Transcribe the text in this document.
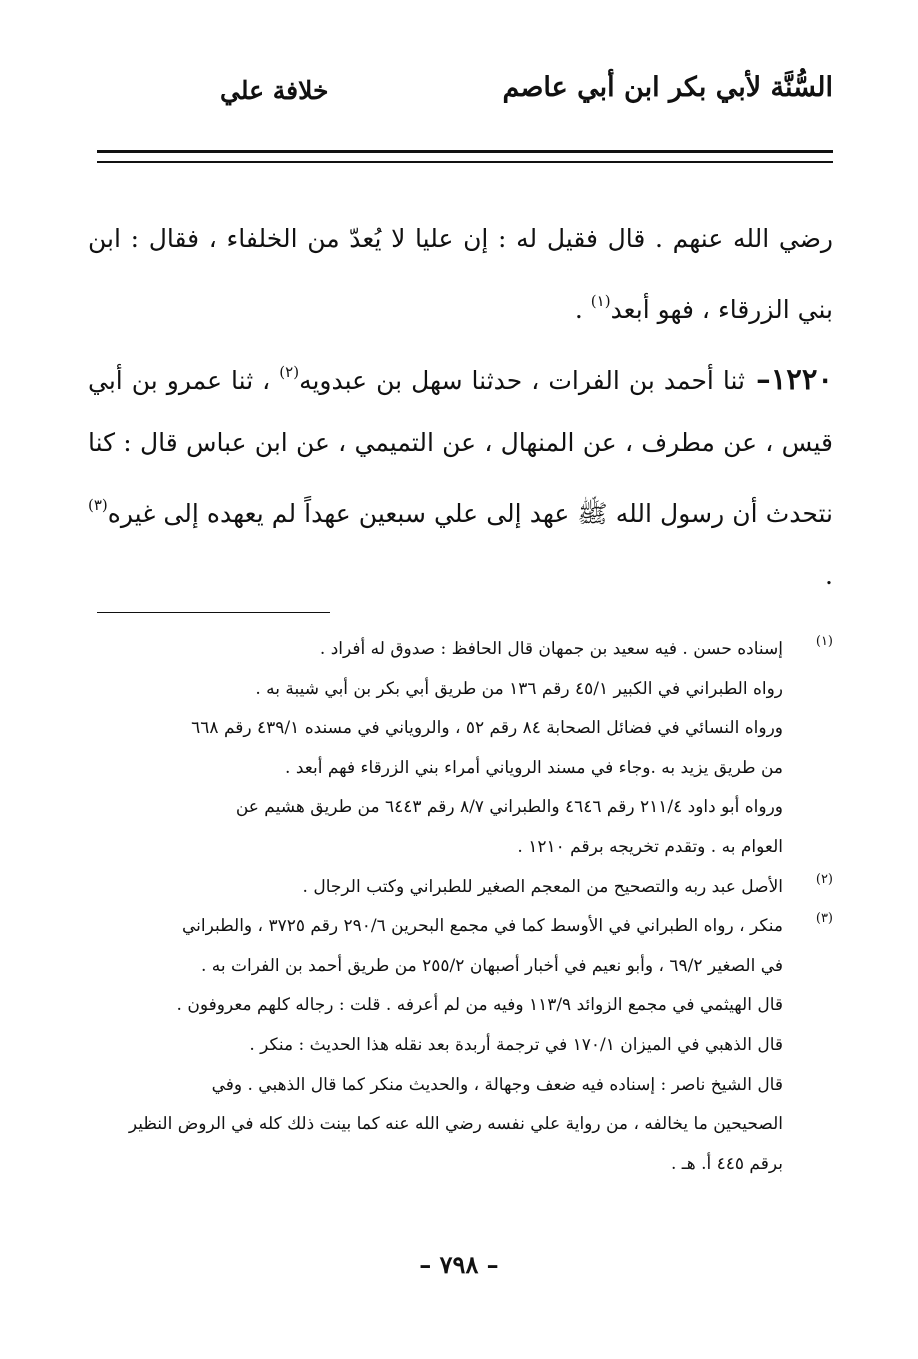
السُّنَّة لأبي بكر ابن أبي عاصم
خلافة علي

رضي الله عنهم . قال فقيل له : إن عليا لا يُعدّ من الخلفاء ، فقال : ابن بني الزرقاء ، فهو أبعد$^{(١)}$ .

١٢٢٠– ثنا أحمد بن الفرات ، حدثنا سهل بن عبدويه$^{(٢)}$ ، ثنا عمرو بن أبي قيس ، عن مطرف ، عن المنهال ، عن التميمي ، عن ابن عباس قال : كنا نتحدث أن رسول الله ﷺ عهد إلى علي سبعين عهداً لم يعهده إلى غيره$^{(٣)}$ .

(١)
إسناده حسن . فيه سعيد بن جمهان قال الحافظ : صدوق له أفراد .
رواه الطبراني في الكبير ٤٥/١ رقم ١٣٦ من طريق أبي بكر بن أبي شيبة به .
ورواه النسائي في فضائل الصحابة ٨٤ رقم ٥٢ ، والروياني في مسنده ٤٣٩/١ رقم ٦٦٨
من طريق يزيد به .وجاء في مسند الروياني أمراء بني الزرقاء فهم أبعد .
ورواه أبو داود ٢١١/٤ رقم ٤٦٤٦ والطبراني ٨/٧ رقم ٦٤٤٣ من طريق هشيم عن
العوام به . وتقدم تخريجه برقم ١٢١٠ .
(٢)
الأصل عبد ربه والتصحيح من المعجم الصغير للطبراني وكتب الرجال .
(٣)
منكر ، رواه الطبراني في الأوسط كما في مجمع البحرين ٢٩٠/٦ رقم ٣٧٢٥ ، والطبراني
في الصغير ٦٩/٢ ، وأبو نعيم في أخبار أصبهان ٢٥٥/٢ من طريق أحمد بن الفرات به .
قال الهيثمي في مجمع الزوائد ١١٣/٩ وفيه من لم أعرفه . قلت : رجاله كلهم معروفون .
قال الذهبي في الميزان ١٧٠/١ في ترجمة أربدة بعد نقله هذا الحديث : منكر .
قال الشيخ ناصر : إسناده فيه ضعف وجهالة ، والحديث منكر كما قال الذهبي . وفي
الصحيحين ما يخالفه ، من رواية علي نفسه رضي الله عنه كما بينت ذلك كله في الروض النظير
برقم ٤٤٥ أ. هـ .
– ٧٩٨ –
